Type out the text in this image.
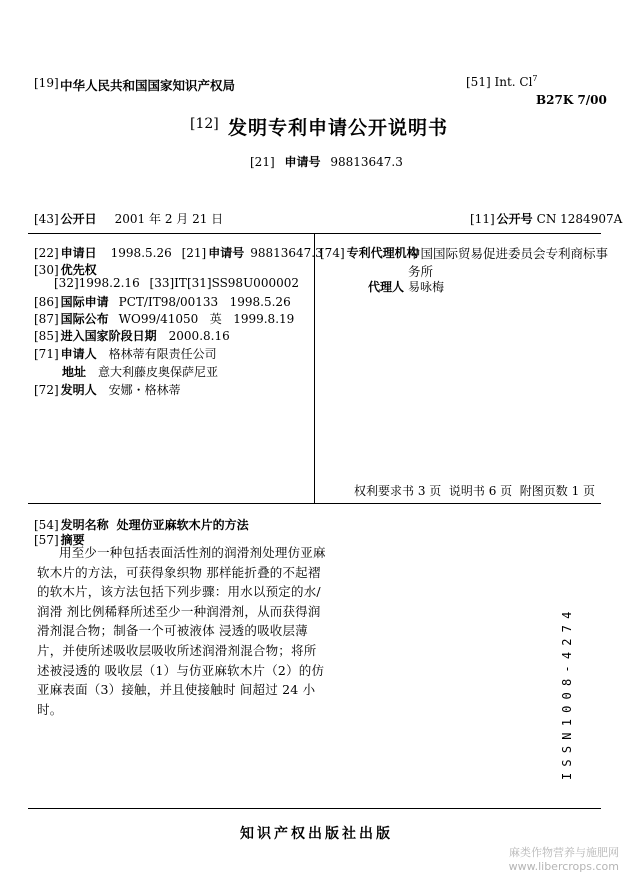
[19] 中华人民共和国国家知识产权局	[51] Int. Cl$^7$
B27K 7/00
[12] 发明专利申请公开说明书
[21] 申请号 98813647.3
[43] 公开日 2001 年 2 月 21 日	[11] 公开号 CN 1284907A
[22] 申请日 1998.5.26 [21] 申请号 98813647.3
[30] 优先权
[32]1998.2.16 [33]IT[31]SS98U000002
[86] 国际申请 PCT/IT98/00133   1998.5.26
[87] 国际公布 WO99/41050   英   1999.8.19
[85] 进入国家阶段日期 2000.8.16
[71] 申请人 格林蒂有限责任公司
地址 意大利藤皮奥保萨尼亚
[72] 发明人 安娜・格林蒂
[74] 专利代理机构
中国国际贸易促进委员会专利商标事
务所
代理人 易咏梅
权利要求书 3 页  说明书 6 页  附图页数 1 页
[54] 发明名称 处理仿亚麻软木片的方法
[57] 摘要
用至少一种包括表面活性剂的润滑剂处理仿亚麻软木片的方法，可获得象织物 那样能折叠的不起褶的软木片，该方法包括下列步骤：用水以预定的水/润滑 剂比例稀释所述至少一种润滑剂，从而获得润滑剂混合物；制备一个可被液体 浸透的吸收层薄片，并使所述吸收层吸收所述润滑剂混合物；将所述被浸透的 吸收层（1）与仿亚麻软木片（2）的仿亚麻表面（3）接触，并且使接触时 间超过 24 小时。	ISSN1008-4274
知识产权出版社出版
麻类作物营养与施肥网
www.libercrops.com
